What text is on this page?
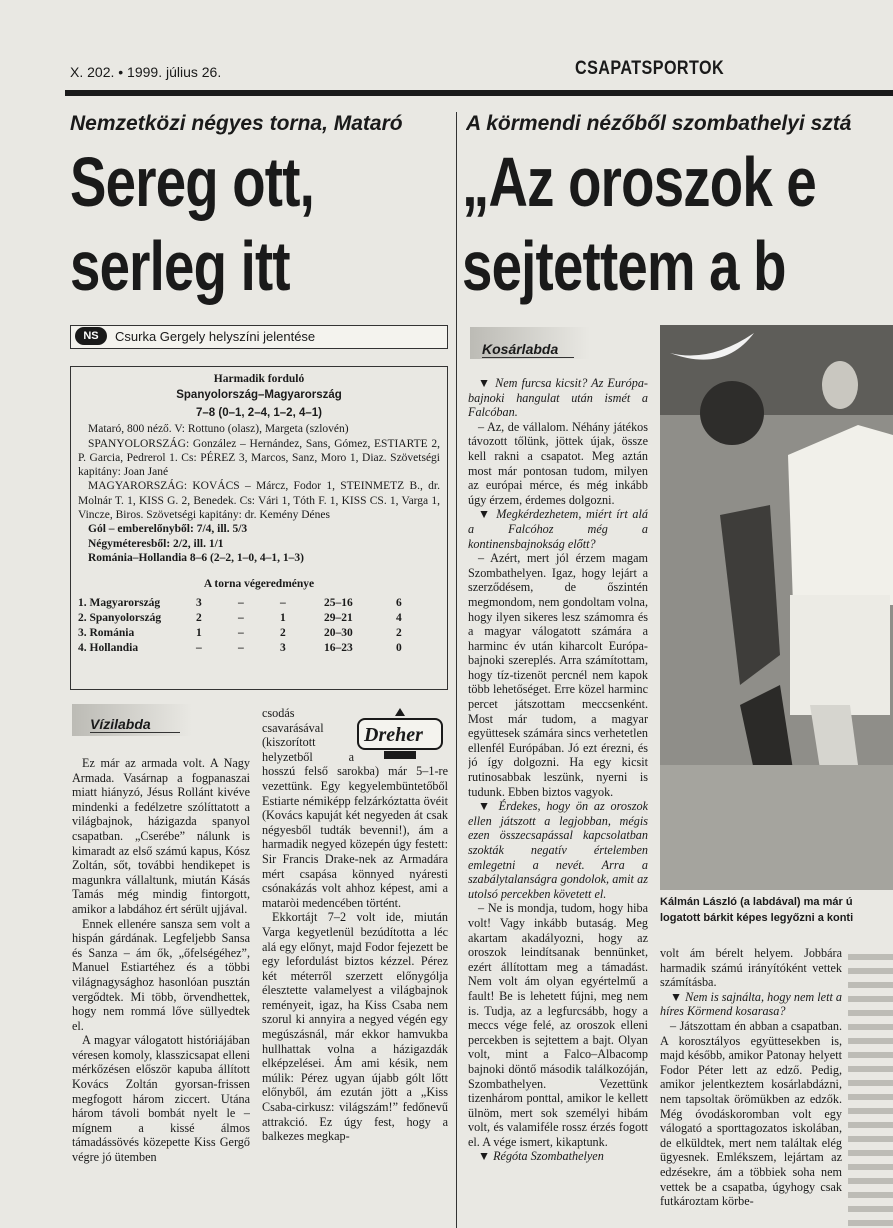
X. 202. • 1999. július 26.	CSAPATSPORTOK
Nemzetközi négyes torna, Mataró
Sereg ott,
serleg itt
A körmendi nézőből szombathelyi sztá
„Az oroszok e
sejtettem a b
NS	Csurka Gergely helyszíni jelentése

Harmadik forduló

Spanyolország–Magyarország

7–8 (0–1, 2–4, 1–2, 4–1)

Mataró, 800 néző. V: Rottuno (olasz), Margeta (szlovén)

SPANYOLORSZÁG: González – Hernández, Sans, Gómez, ESTIARTE 2, P. Garcia, Pedrerol 1. Cs: PÉREZ 3, Marcos, Sanz, Moro 1, Diaz. Szövetségi kapitány: Joan Jané

MAGYARORSZÁG: KOVÁCS – Márcz, Fodor 1, STEINMETZ B., dr. Molnár T. 1, KISS G. 2, Benedek. Cs: Vári 1, Tóth F. 1, KISS CS. 1, Varga 1, Vincze, Biros. Szövetségi kapitány: dr. Kemény Dénes

Gól – emberelőnyből: 7/4, ill. 5/3

Négyméteresből: 2/2, ill. 1/1

Románia–Hollandia 8–6 (2–2, 1–0, 4–1, 1–3)

A torna végeredménye

1. Magyarország	3	–	–	25–16	6
2. Spanyolország	2	–	1	29–21	4
3. Románia	1	–	2	20–30	2
4. Hollandia	–	–	3	16–23	0
Vízilabda	Dreher

Ez már az armada volt. A Nagy Armada. Vasárnap a fogpanaszai miatt hiányzó, Jésus Rollánt kivéve mindenki a fedélzetre szólíttatott a világbajnok, házigazda spanyol csapatban. „Cserébe” nálunk is kimaradt az első számú kapus, Kósz Zoltán, sőt, további hendikepet is magunkra vállaltunk, miután Kásás Tamás még mindig fintorgott, amikor a labdához ért sérült ujjával.

Ennek ellenére sanszа sem volt a hispán gárdának. Legfeljebb Sansa és Sanza – ám ők, „őfelségéhez”, Manuel Estiartéhez és a többi világnagysághoz hasonlóan pusztán vergődtek. Mi több, örvendhettek, hogy nem rommá lőve süllyedtek el.

A magyar válogatott históriájában véresen komoly, klasszicsapat elleni mérkőzésen először kapuba állított Kovács Zoltán gyorsan-frissen megfogott három ziccert. Utána három távoli bombát nyelt le – mígnem a kissé álmos támadássövés közepette Kiss Gergő végre jó ütemben

csodás csavarásával (kiszorított helyzetből a hosszú felső sarokba) már 5–1-re vezettünk. Egy kegyelembüntetőből Estiarte némiképp felzárkóztatta övéit (Kovács kapuját két negyeden át csak négyesből tudták bevenni!), ám a harmadik negyed közepén úgy festett: Sir Francis Drake-nek az Armadára mért csapása könnyed nyáresti csónakázás volt ahhoz képest, ami a mataròi medencében történt.

Ekkortájt 7–2 volt ide, miután Varga kegyetlenül bezúdította a léc alá egy előnyt, majd Fodor fejezett be egy lefordulást biztos kézzel. Pérez két méterről szerzett előnygólja élesztette valamelyest a világbajnok reményeit, igaz, ha Kiss Csaba nem szorul ki annyira a negyed végén egy megúszásnál, már ekkor hamvukba hullhattak volna a házigazdák elképzelései. Ám ami késik, nem múlik: Pérez ugyan újabb gólt lőtt előnyből, ám ezután jött a „Kiss Csaba-cirkusz: világszám!” fedőnevű attrakció. Ez úgy fest, hogy a balkezes megkap-

Kosárlabda

▼ Nem furcsa kicsit? Az Európa-bajnoki hangulat után ismét a Falcóban.

– Az, de vállalom. Néhány játékos távozott tőlünk, jöttek újak, össze kell rakni a csapatot. Meg aztán most már pontosan tudom, milyen az európai mérce, és még inkább úgy érzem, érdemes dolgozni.

▼ Megkérdezhetem, miért írt alá a Falcóhoz még a kontinensbajnokság előtt?

– Azért, mert jól érzem magam Szombathelyen. Igaz, hogy lejárt a szerződésem, de őszintén megmondom, nem gondoltam volna, hogy ilyen sikeres lesz számomra és a magyar válogatott számára a harminc év után kiharcolt Európa-bajnoki szereplés. Arra számítottam, hogy tíz-tizenöt percnél nem kapok több lehetőséget. Erre közel harminc percet játszottam meccsenként. Most már tudom, a magyar együttesek számára sincs verhetetlen ellenfél Európában. Jó ezt érezni, és jó így dolgozni. Ha egy kicsit rutinosabbak leszünk, nyerni is tudunk. Ebben biztos vagyok.

▼ Érdekes, hogy ön az oroszok ellen játszott a legjobban, mégis ezen összecsapással kapcsolatban szokták negatív értelemben emlegetni a nevét. Arra a szabálytalanságra gondolok, amit az utolsó percekben követett el.

– Ne is mondja, tudom, hogy hiba volt! Vagy inkább butaság. Meg akartam akadályozni, hogy az oroszok leindítsanak bennünket, ezért állítottam meg a támadást. Nem volt ám olyan egyértelmű a fault! Be is lehetett fújni, meg nem is. Tudja, az a legfurcsább, hogy a meccs vége felé, az oroszok elleni percekben is sejtettem a bajt. Olyan volt, mint a Falco–Albacomp bajnoki döntő második találkozóján, Szombathelyen. Vezettünk tizenhárom ponttal, amikor le kellett ülnöm, mert sok személyi hibám volt, és valamiféle rossz érzés fogott el. A vége ismert, kikaptunk.

▼ Régóta Szombathelyen

Kálmán László (a labdával) ma már ú
logatott bárkit képes legyőzni a konti

volt ám bérelt helyem. Jobbára harmadik számú irányítóként vettek számításba.

▼ Nem is sajnálta, hogy nem lett a híres Körmend kosarasa?

– Játszottam én abban a csapatban. A korosztályos együttesekben is, majd később, amikor Patonay helyett Fodor Péter lett az edző. Pedig, amikor jelentkeztem kosárlabdázni, nem tapsoltak örömükben az edzők. Még óvodáskoromban volt egy válogató a sporttagozatos iskolában, de elküldtek, mert nem találtak elég ügyesnek. Emlékszem, lejártam az edzésekre, ám a többiek soha nem vettek be a csapatba, úgyhogy csak futkároztam körbe-
